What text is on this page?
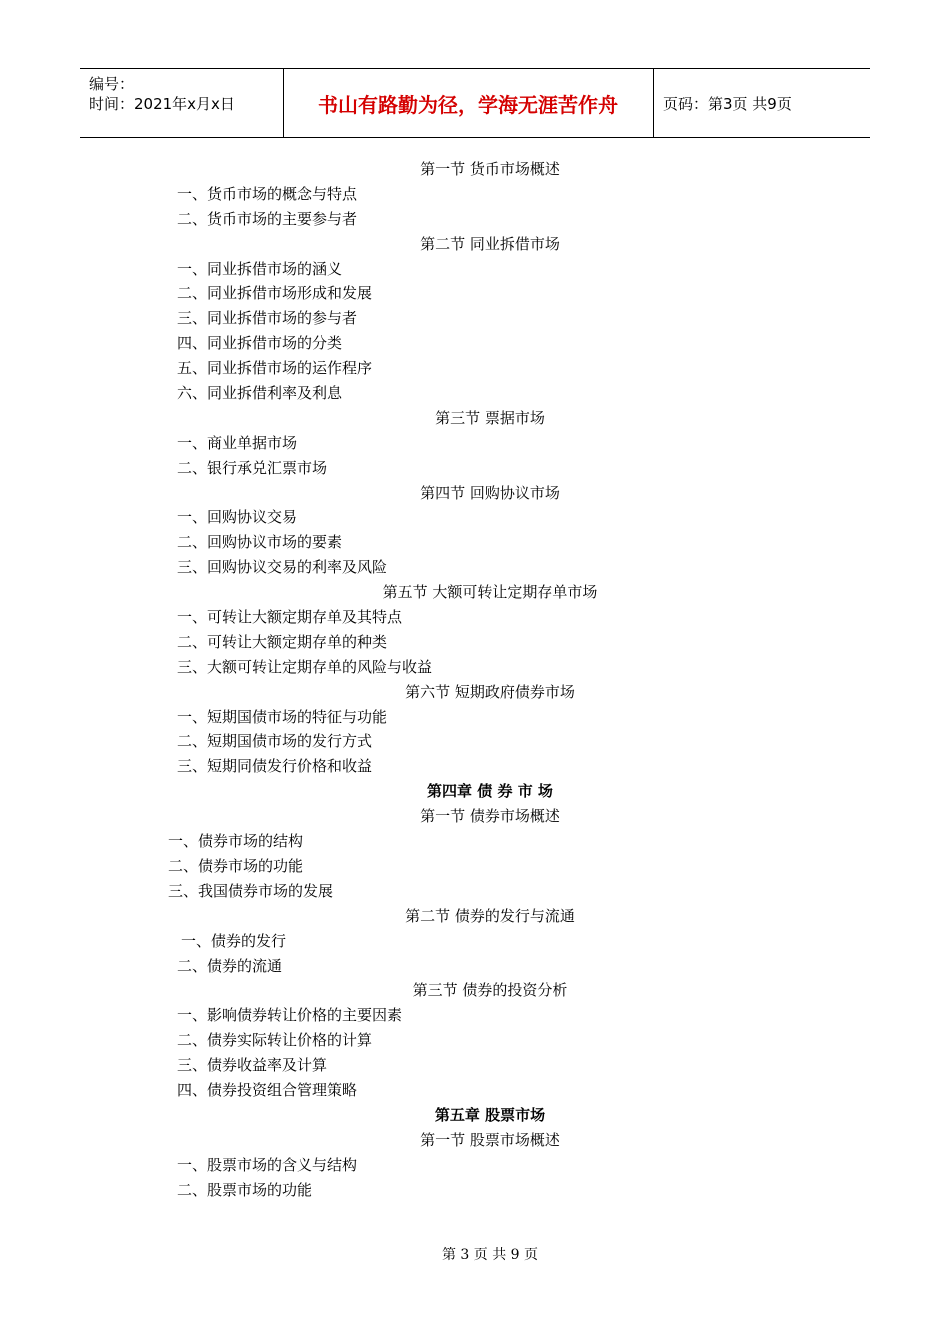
编号：
时间：2021年x月x日	书山有路勤为径，学海无涯苦作舟	页码：第3页 共9页
第一节 货币市场概述
一、货币市场的概念与特点
二、货币市场的主要参与者
第二节 同业拆借市场
一、同业拆借市场的涵义
二、同业拆借市场形成和发展
三、同业拆借市场的参与者
四、同业拆借市场的分类
五、同业拆借市场的运作程序
六、同业拆借利率及利息
第三节 票据市场
一、商业单据市场
二、银行承兑汇票市场
第四节 回购协议市场
一、回购协议交易
二、回购协议市场的要素
三、回购协议交易的利率及风险
第五节 大额可转让定期存单市场
一、可转让大额定期存单及其特点
二、可转让大额定期存单的种类
三、大额可转让定期存单的风险与收益
第六节 短期政府债券市场
一、短期国债市场的特征与功能
二、短期国债市场的发行方式
三、短期同债发行价格和收益
第四章 债 券 市 场
第一节 债券市场概述
一、债券市场的结构
二、债券市场的功能
三、我国债券市场的发展
第二节 债券的发行与流通
一、债券的发行
二、债券的流通
第三节 债券的投资分析
一、影响债券转让价格的主要因素
二、债券实际转让价格的计算
三、债券收益率及计算
四、债券投资组合管理策略
第五章 股票市场
第一节 股票市场概述
一、股票市场的含义与结构
二、股票市场的功能
第 3 页 共 9 页
